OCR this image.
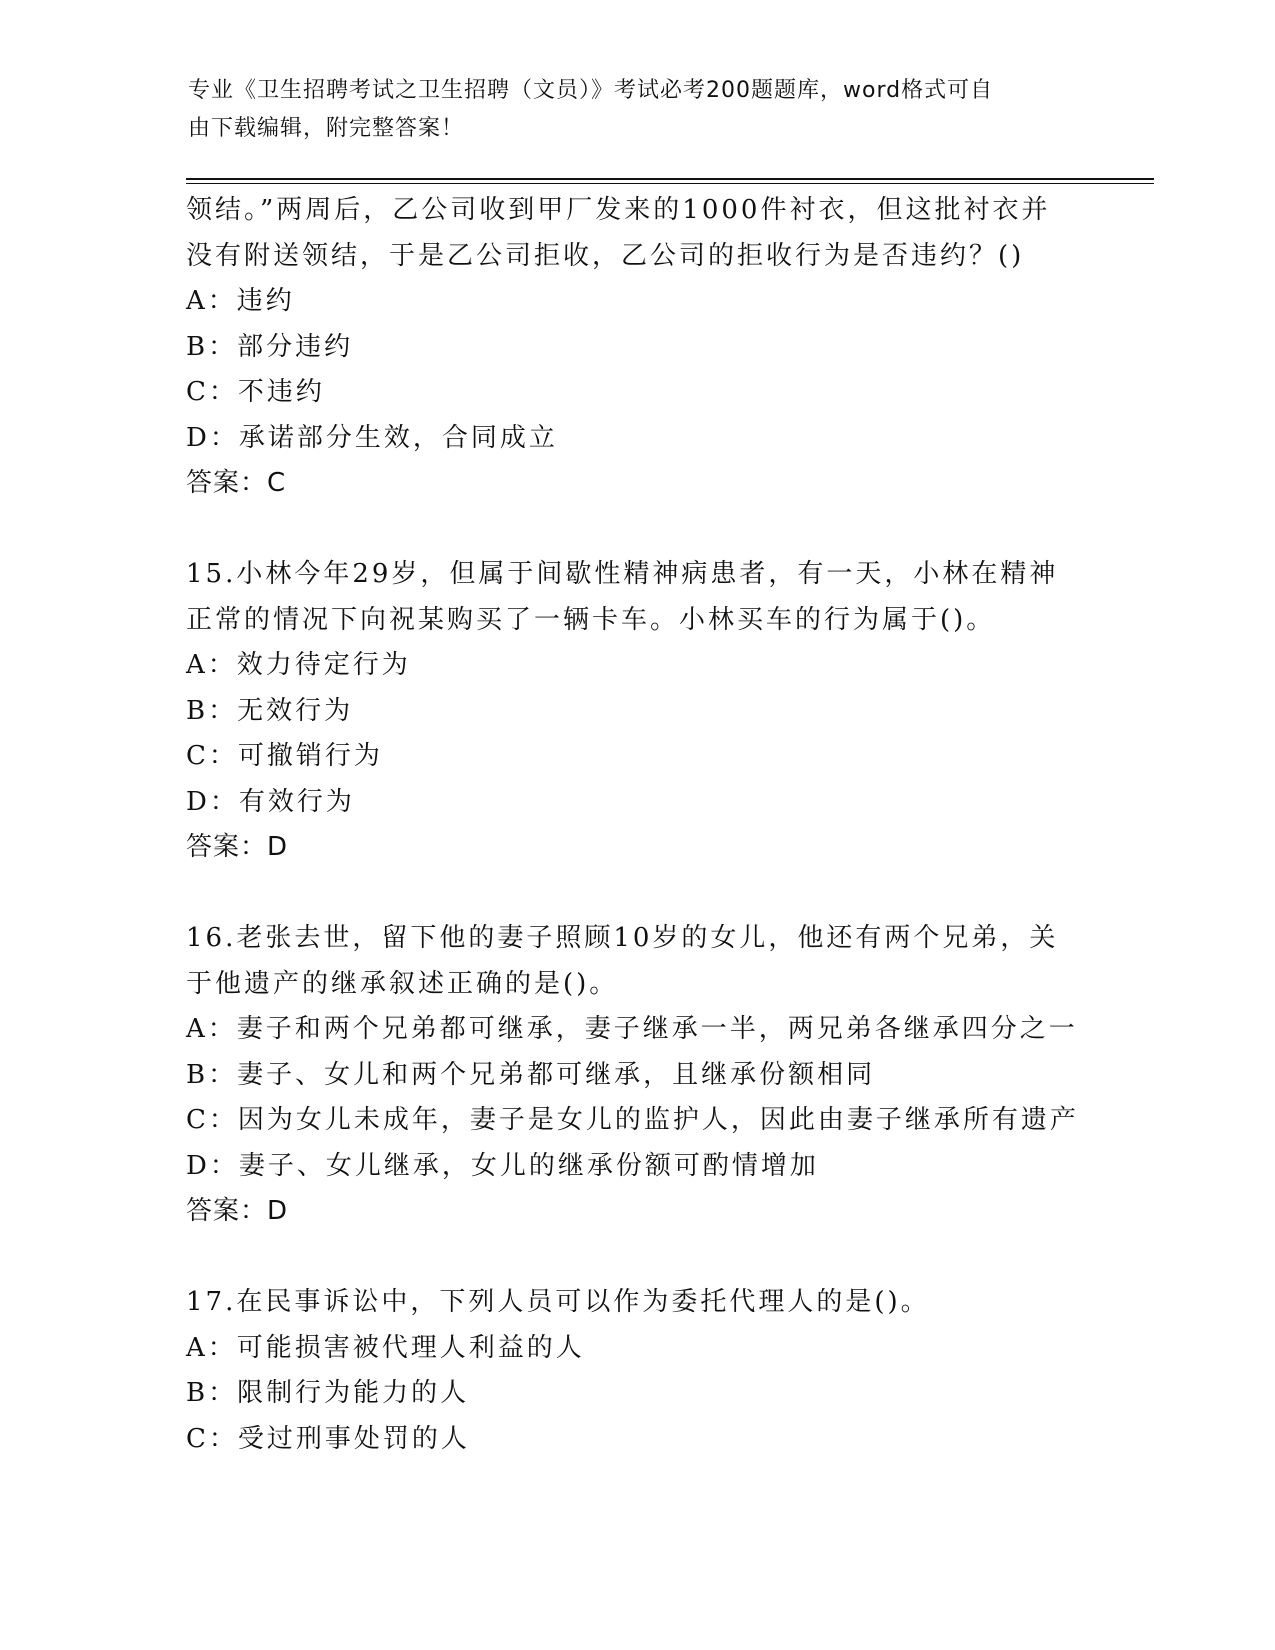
专业《卫生招聘考试之卫生招聘（文员）》考试必考200题题库，word格式可自
由下载编辑，附完整答案！
领结。”两周后，乙公司收到甲厂发来的1000件衬衣，但这批衬衣并
没有附送领结，于是乙公司拒收，乙公司的拒收行为是否违约？()
A：违约
B：部分违约
C：不违约
D：承诺部分生效，合同成立
答案：C
15.小林今年29岁，但属于间歇性精神病患者，有一天，小林在精神
正常的情况下向祝某购买了一辆卡车。小林买车的行为属于()。
A：效力待定行为
B：无效行为
C：可撤销行为
D：有效行为
答案：D
16.老张去世，留下他的妻子照顾10岁的女儿，他还有两个兄弟，关
于他遗产的继承叙述正确的是()。
A：妻子和两个兄弟都可继承，妻子继承一半，两兄弟各继承四分之一
B：妻子、女儿和两个兄弟都可继承，且继承份额相同
C：因为女儿未成年，妻子是女儿的监护人，因此由妻子继承所有遗产
D：妻子、女儿继承，女儿的继承份额可酌情增加
答案：D
17.在民事诉讼中，下列人员可以作为委托代理人的是()。
A：可能损害被代理人利益的人
B：限制行为能力的人
C：受过刑事处罚的人
